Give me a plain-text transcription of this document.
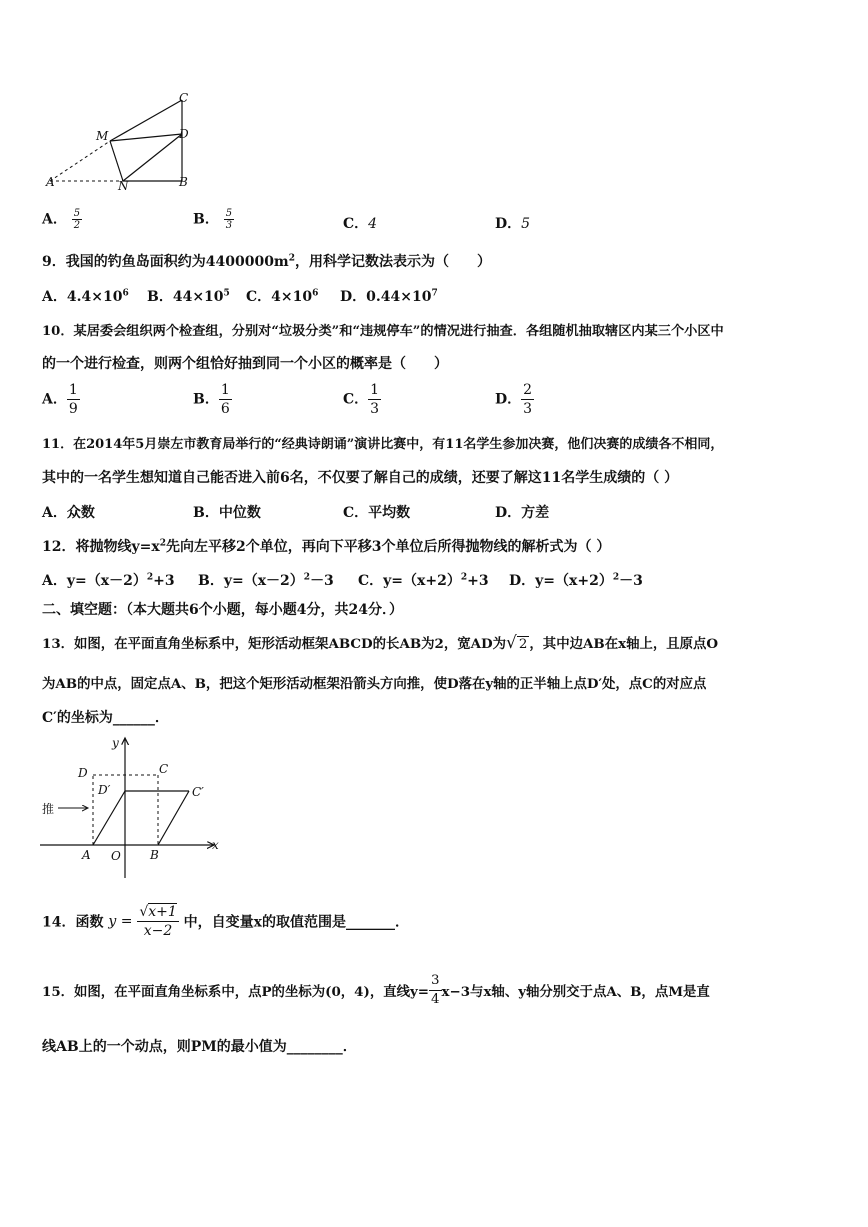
C
M	D
A	N	B
A． $\frac{5}{2}$	B． $\frac{5}{3}$	C．4	D．5
9．我国的钓鱼岛面积约为$4400000m^2$，用科学记数法表示为（　　）
A．$4.4\times 10^6$ B．$44\times 10^5$ C．$4\times 10^6$ D．$0.44\times 10^7$
10．某居委会组织两个检查组，分别对“垃圾分类”和“违规停车”的情况进行抽查．各组随机抽取辖区内某三个小区中
的一个进行检查，则两个组恰好抽到同一个小区的概率是（　　）
A． $\frac{1}{9}$	B． $\frac{1}{6}$	C． $\frac{1}{3}$	D． $\frac{2}{3}$
11．在2014年5月崇左市教育局举行的“经典诗朗诵”演讲比赛中，有11名学生参加决赛，他们决赛的成绩各不相同，
其中的一名学生想知道自己能否进入前6名，不仅要了解自己的成绩，还要了解这11名学生成绩的（ ）
A．众数	B．中位数	C．平均数	D．方差
12．将抛物线$y=x^2$先向左平移2个单位，再向下平移3个单位后所得抛物线的解析式为（ ）
A．$y=(x-2)^2+3$ B．$y=(x-2)^2-3$ C．$y=(x+2)^2+3$ D．$y=(x+2)^2-3$
二、填空题：（本大题共6个小题，每小题4分，共24分．）
13．如图，在平面直角坐标系中，矩形活动框架ABCD的长AB为2，宽AD为√ 2 ，其中边AB在x轴上，且原点O
为AB的中点，固定点A、B，把这个矩形活动框架沿箭头方向推，使D落在y轴的正半轴上点D′处，点C的对应点
C′的坐标为______．
y
x
D	C
D′	C′
推
A O B
14．函数 $y = \frac{√x+1}{x-2}$ 中，自变量x的取值范围是_______．
15．如图，在平面直角坐标系中，点P的坐标为(0，4)，直线$y= \frac{3}{4} x-3$与x轴、y轴分别交于点A、B，点M是直
线AB上的一个动点，则PM的最小值为________．
